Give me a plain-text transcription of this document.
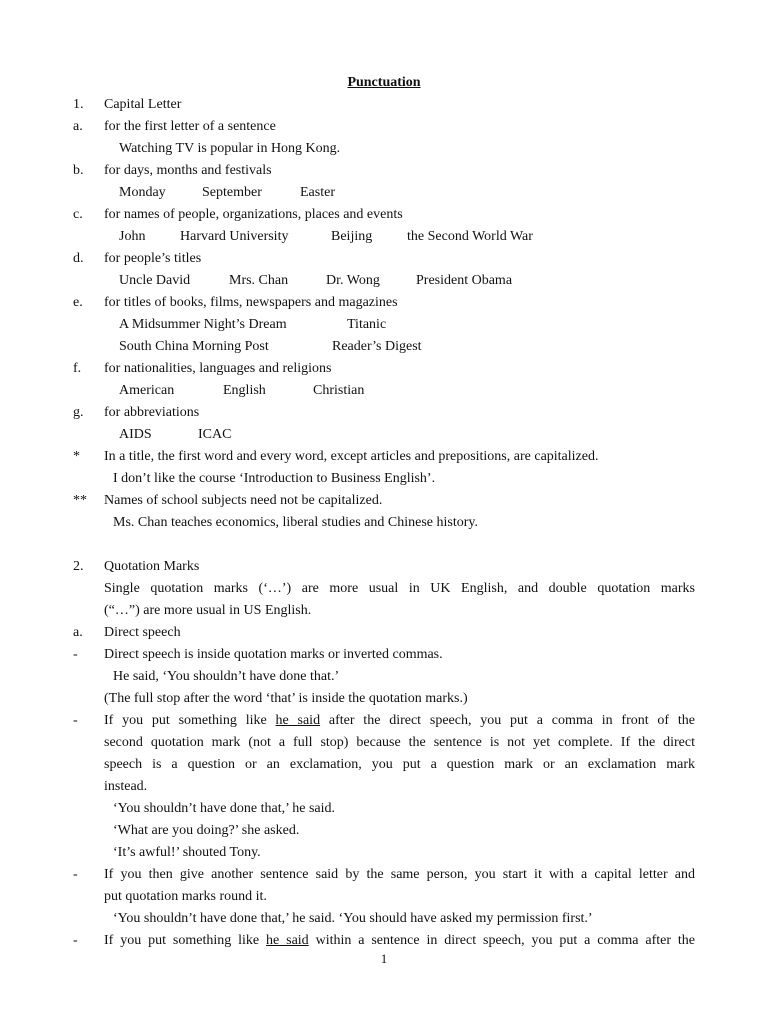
Punctuation
1. Capital Letter
a. for the first letter of a sentence
Watching TV is popular in Hong Kong.
b. for days, months and festivals
Monday	September	Easter
c. for names of people, organizations, places and events
John Harvard University	Beijing the Second World War
d. for people’s titles
Uncle David	Mrs. Chan	Dr. Wong	President Obama
e. for titles of books, films, newspapers and magazines
A Midsummer Night’s Dream	Titanic
South China Morning Post	Reader’s Digest
f. for nationalities, languages and religions
American	English	Christian
g. for abbreviations
AIDS	ICAC
* In a title, the first word and every word, except articles and prepositions, are capitalized.
I don’t like the course ‘Introduction to Business English’.
** Names of school subjects need not be capitalized.
Ms. Chan teaches economics, liberal studies and Chinese history.
2. Quotation Marks
Single quotation marks (‘…’) are more usual in UK English, and double quotation marks
(“…”) are more usual in US English.
a. Direct speech
- Direct speech is inside quotation marks or inverted commas.
He said, ‘You shouldn’t have done that.’
(The full stop after the word ‘that’ is inside the quotation marks.)
- If you put something like he said after the direct speech, you put a comma in front of the
second quotation mark (not a full stop) because the sentence is not yet complete. If the direct
speech is a question or an exclamation, you put a question mark or an exclamation mark
instead.
‘You shouldn’t have done that,’ he said.
‘What are you doing?’ she asked.
‘It’s awful!’ shouted Tony.
- If you then give another sentence said by the same person, you start it with a capital letter and
put quotation marks round it.
‘You shouldn’t have done that,’ he said. ‘You should have asked my permission first.’
- If you put something like he said within a sentence in direct speech, you put a comma after the
1
